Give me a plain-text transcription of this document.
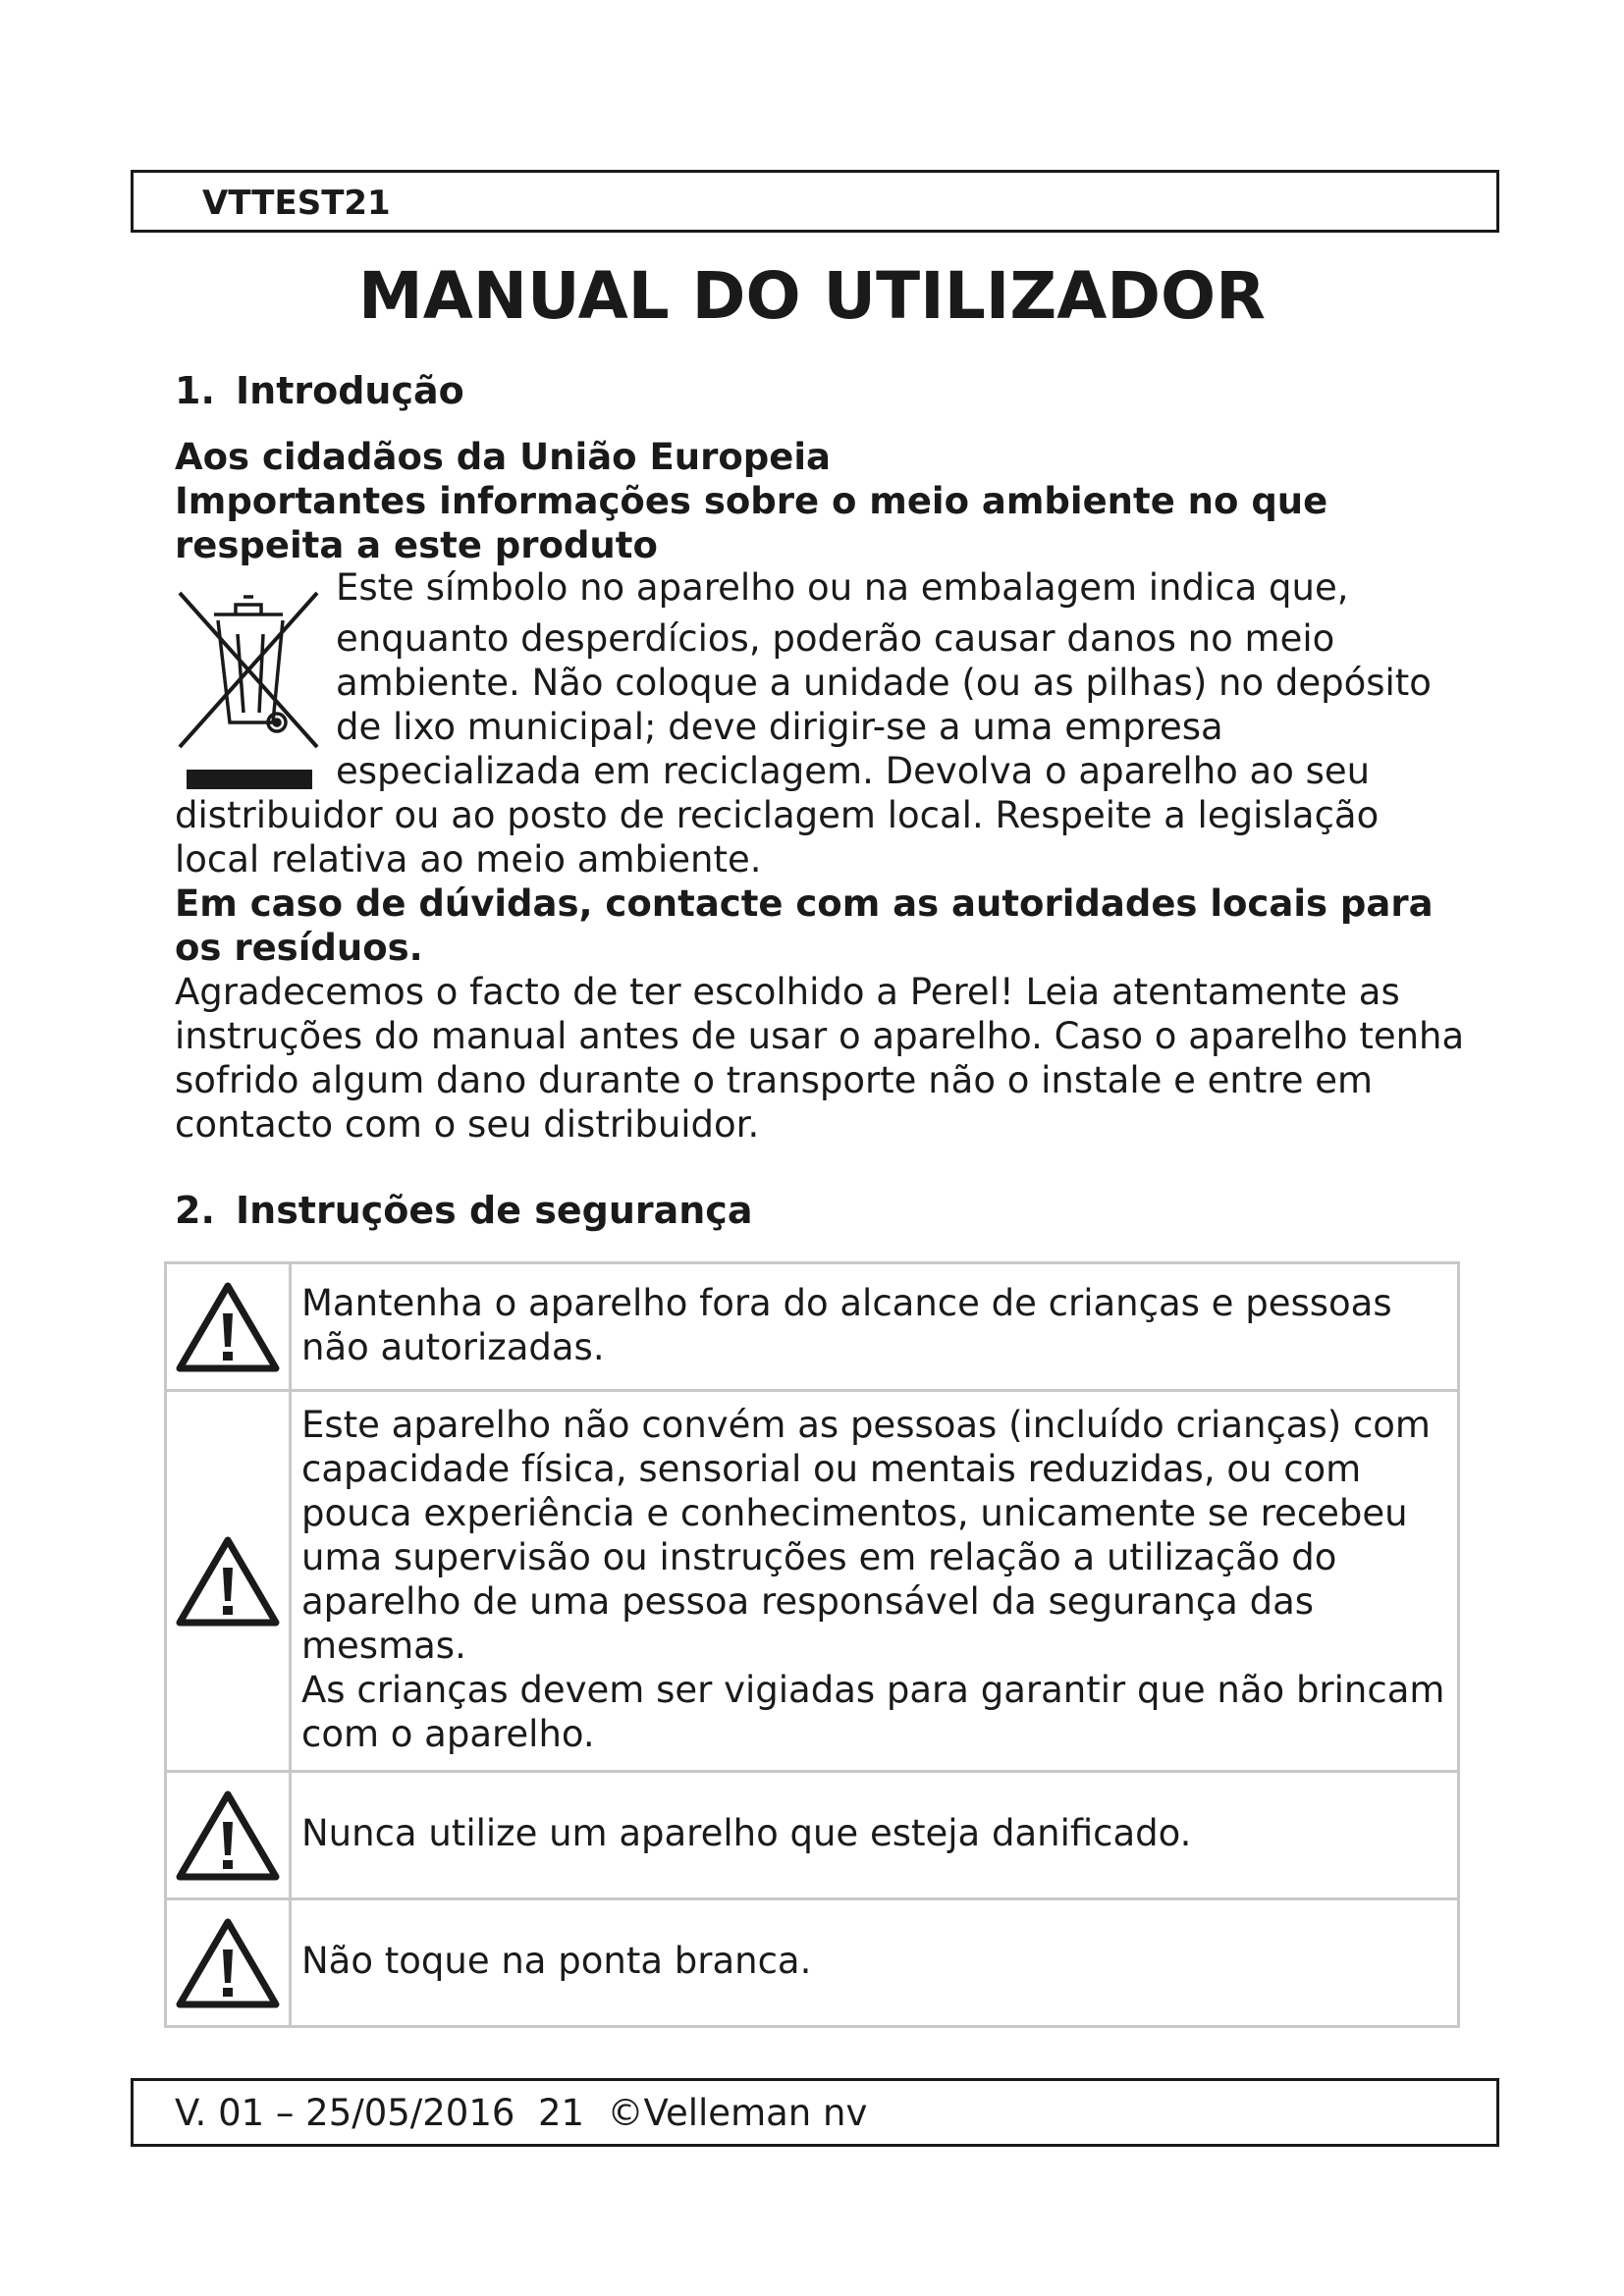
VTTEST21
MANUAL DO UTILIZADOR
1. Introdução

Aos cidadãos da União Europeia

Importantes informações sobre o meio ambiente no que respeita a este produto

Este símbolo no aparelho ou na embalagem indica que,
enquanto desperdícios, poderão causar danos no meio
ambiente. Não coloque a unidade (ou as pilhas) no depósito
de lixo municipal; deve dirigir-se a uma empresa
especializada em reciclagem. Devolva o aparelho ao seu

distribuidor ou ao posto de reciclagem local. Respeite a legislação local relativa ao meio ambiente.

Em caso de dúvidas, contacte com as autoridades locais para os resíduos.

Agradecemos o facto de ter escolhido a Perel! Leia atentamente as instruções do manual antes de usar o aparelho. Caso o aparelho tenha sofrido algum dano durante o transporte não o instale e entre em contacto com o seu distribuidor.

2. Instruções de segurança
	Mantenha o aparelho fora do alcance de crianças e pessoas não autorizadas.

Este aparelho não convém as pessoas (incluído crianças) com capacidade física, sensorial ou mentais reduzidas, ou com pouca experiência e conhecimentos, unicamente se recebeu uma supervisão ou instruções em relação a utilização do aparelho de uma pessoa responsável da segurança das mesmas.
As crianças devem ser vigiadas para garantir que não brincam com o aparelho.

	Nunca utilize um aparelho que esteja danificado.

	Não toque na ponta branca.
V. 01 – 25/05/2016  21  ©Velleman nv
